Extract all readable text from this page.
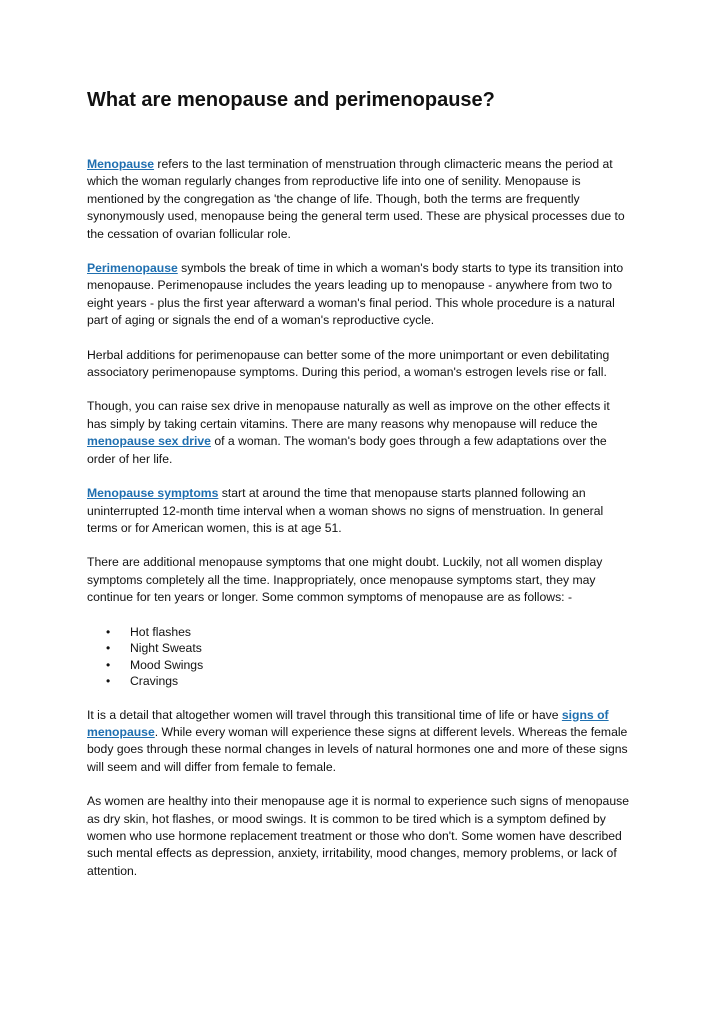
What are menopause and perimenopause?

Menopause refers to the last termination of menstruation through climacteric means the period at which the woman regularly changes from reproductive life into one of senility. Menopause is mentioned by the congregation as 'the change of life. Though, both the terms are frequently synonymously used, menopause being the general term used. These are physical processes due to the cessation of ovarian follicular role.

Perimenopause symbols the break of time in which a woman's body starts to type its transition into menopause. Perimenopause includes the years leading up to menopause - anywhere from two to eight years - plus the first year afterward a woman's final period. This whole procedure is a natural part of aging or signals the end of a woman's reproductive cycle.

Herbal additions for perimenopause can better some of the more unimportant or even debilitating associatory perimenopause symptoms. During this period, a woman's estrogen levels rise or fall.

Though, you can raise sex drive in menopause naturally as well as improve on the other effects it has simply by taking certain vitamins. There are many reasons why menopause will reduce the menopause sex drive of a woman. The woman's body goes through a few adaptations over the order of her life.

Menopause symptoms start at around the time that menopause starts planned following an uninterrupted 12-month time interval when a woman shows no signs of menstruation. In general terms or for American women, this is at age 51.

There are additional menopause symptoms that one might doubt. Luckily, not all women display symptoms completely all the time. Inappropriately, once menopause symptoms start, they may continue for ten years or longer. Some common symptoms of menopause are as follows: -

• Hot flashes
• Night Sweats
• Mood Swings
• Cravings

It is a detail that altogether women will travel through this transitional time of life or have signs of menopause. While every woman will experience these signs at different levels. Whereas the female body goes through these normal changes in levels of natural hormones one and more of these signs will seem and will differ from female to female.

As women are healthy into their menopause age it is normal to experience such signs of menopause as dry skin, hot flashes, or mood swings. It is common to be tired which is a symptom defined by women who use hormone replacement treatment or those who don't. Some women have described such mental effects as depression, anxiety, irritability, mood changes, memory problems, or lack of attention.
